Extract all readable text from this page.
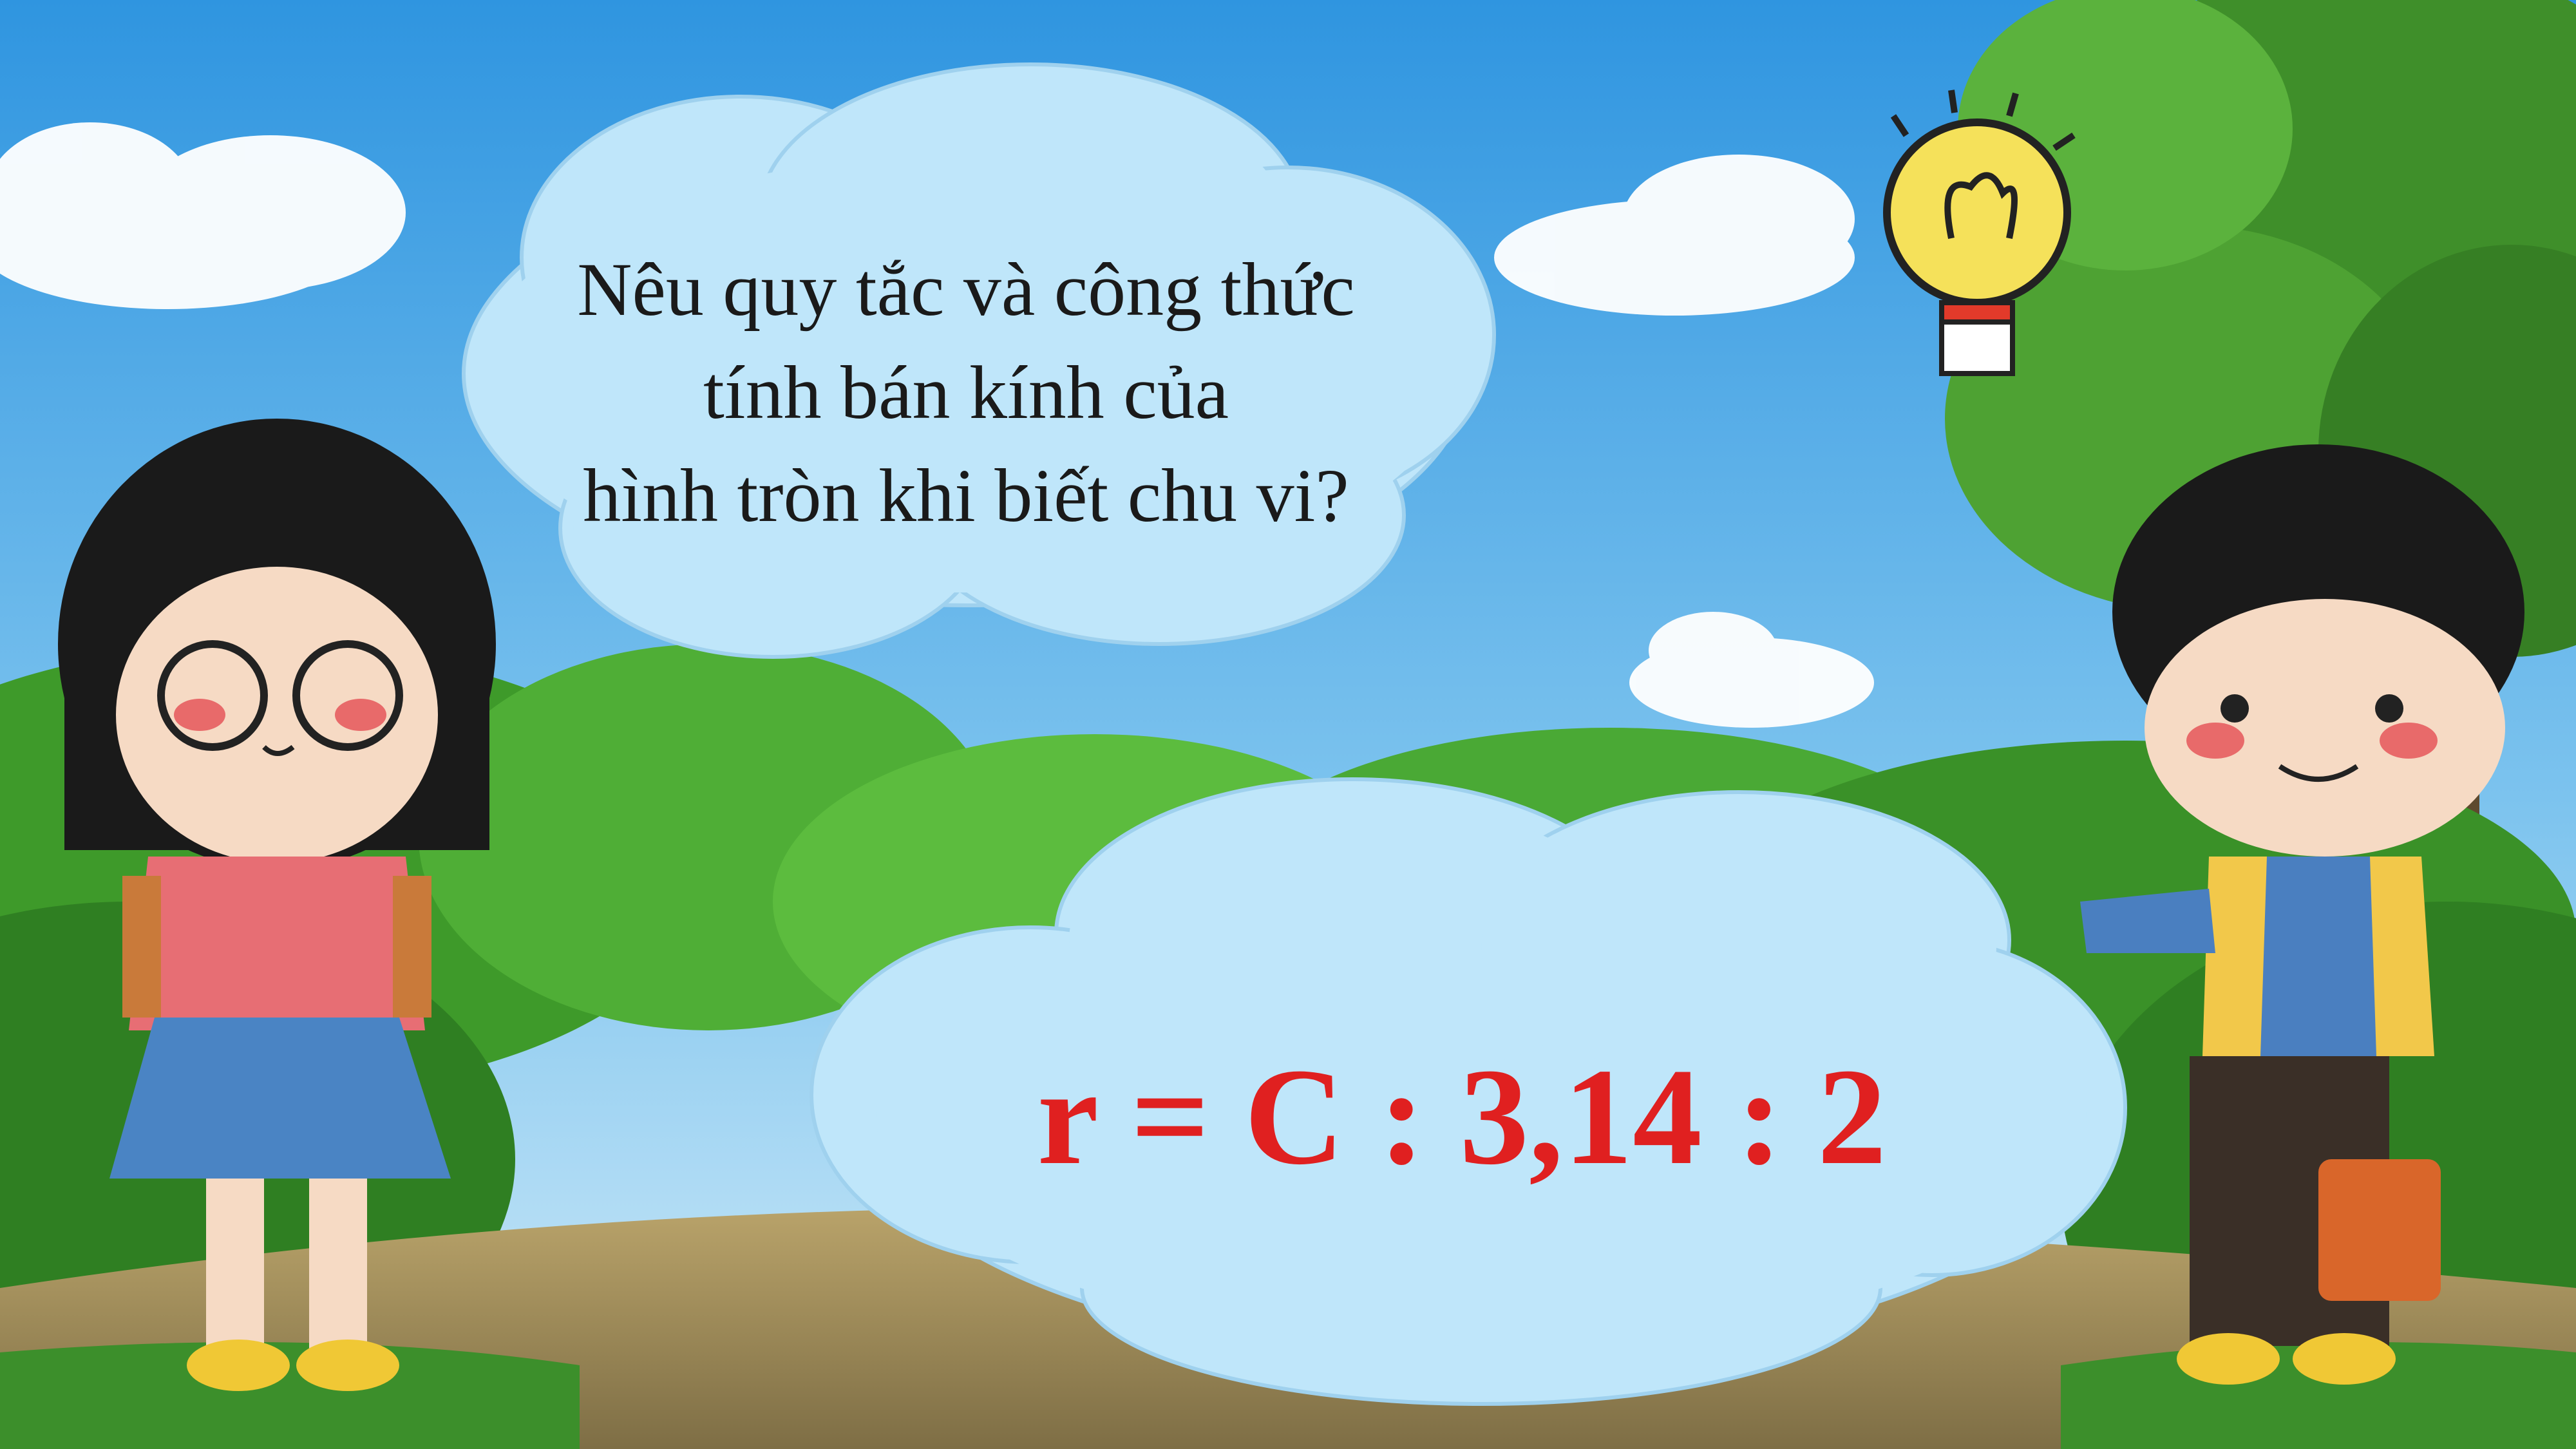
Nêu quy tắc và công thức
tính bán kính của
hình tròn khi biết chu vi?
r = C : 3,14 : 2
